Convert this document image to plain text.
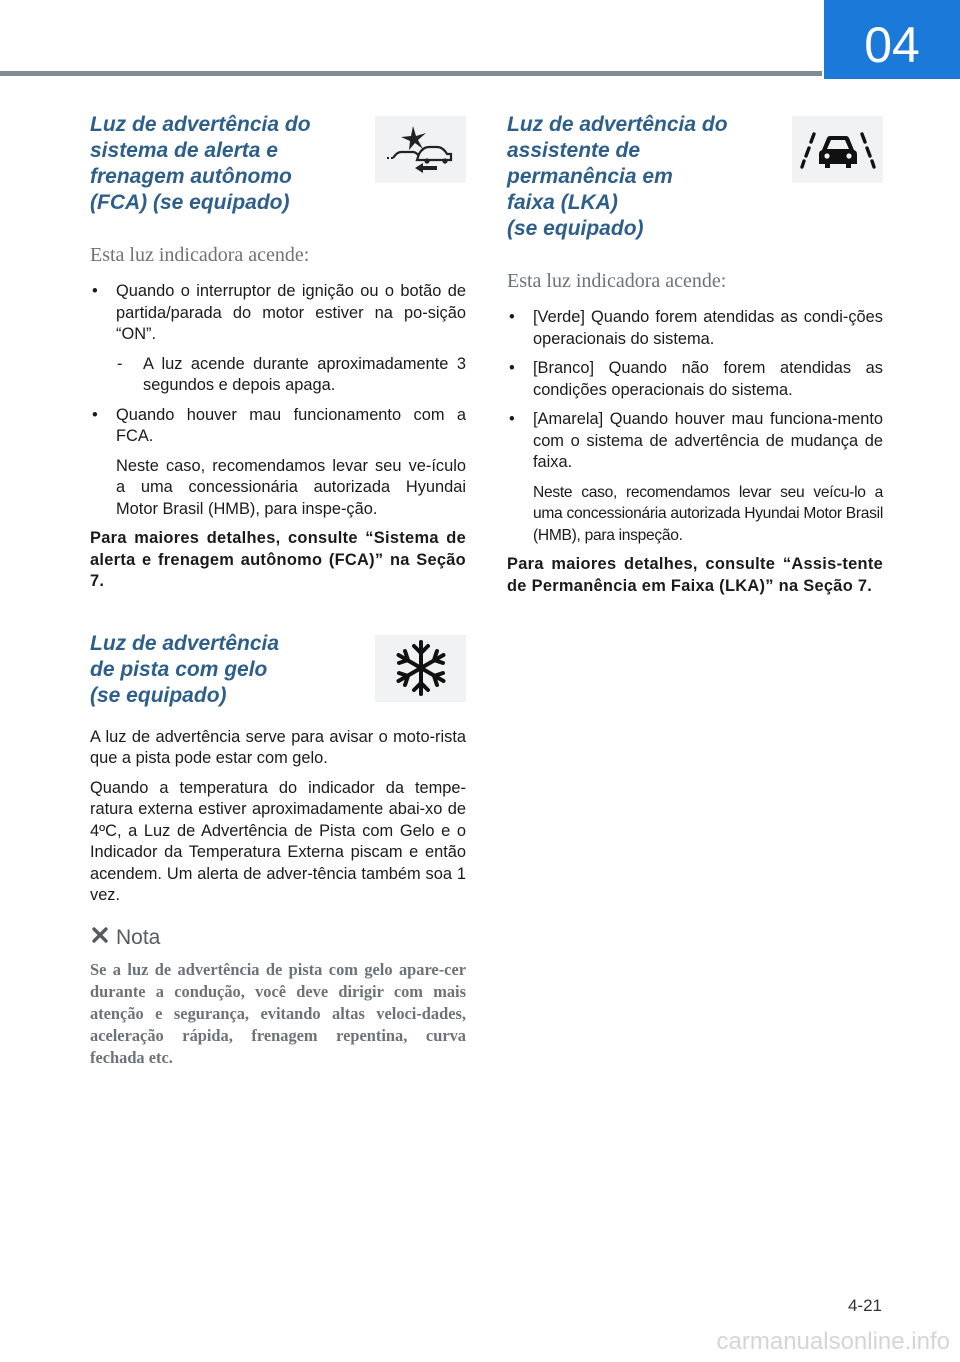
04
Luz de advertência do
sistema de alerta e
frenagem autônomo
(FCA) (se equipado)
Esta luz indicadora acende:
• Quando o interruptor de ignição ou o botão de partida/parada do motor estiver na po-sição “ON”.
- A luz acende durante aproximadamente 3 segundos e depois apaga.
• Quando houver mau funcionamento com a FCA.

Neste caso, recomendamos levar seu ve-ículo a uma concessionária autorizada Hyundai Motor Brasil (HMB), para inspe-ção.

Para maiores detalhes, consulte “Sistema de alerta e frenagem autônomo (FCA)” na Seção 7.

Luz de advertência
de pista com gelo
(se equipado)

A luz de advertência serve para avisar o moto-rista que a pista pode estar com gelo.

Quando a temperatura do indicador da tempe-ratura externa estiver aproximadamente abai-xo de 4ºC, a Luz de Advertência de Pista com Gelo e o Indicador da Temperatura Externa piscam e então acendem. Um alerta de adver-tência também soa 1 vez.

Nota

Se a luz de advertência de pista com gelo apare-cer durante a condução, você deve dirigir com mais atenção e segurança, evitando altas veloci-dades, aceleração rápida, frenagem repentina, curva fechada etc.

Luz de advertência do
assistente de
permanência em
faixa (LKA)
(se equipado)
Esta luz indicadora acende:
• [Verde] Quando forem atendidas as condi-ções operacionais do sistema.
• [Branco] Quando não forem atendidas as condições operacionais do sistema.
• [Amarela] Quando houver mau funciona-mento com o sistema de advertência de mudança de faixa.

Neste caso, recomendamos levar seu veícu-lo a uma concessionária autorizada Hyundai Motor Brasil (HMB), para inspeção.

Para maiores detalhes, consulte “Assis-tente de Permanência em Faixa (LKA)” na Seção 7.

4-21
carmanualsonline.info
